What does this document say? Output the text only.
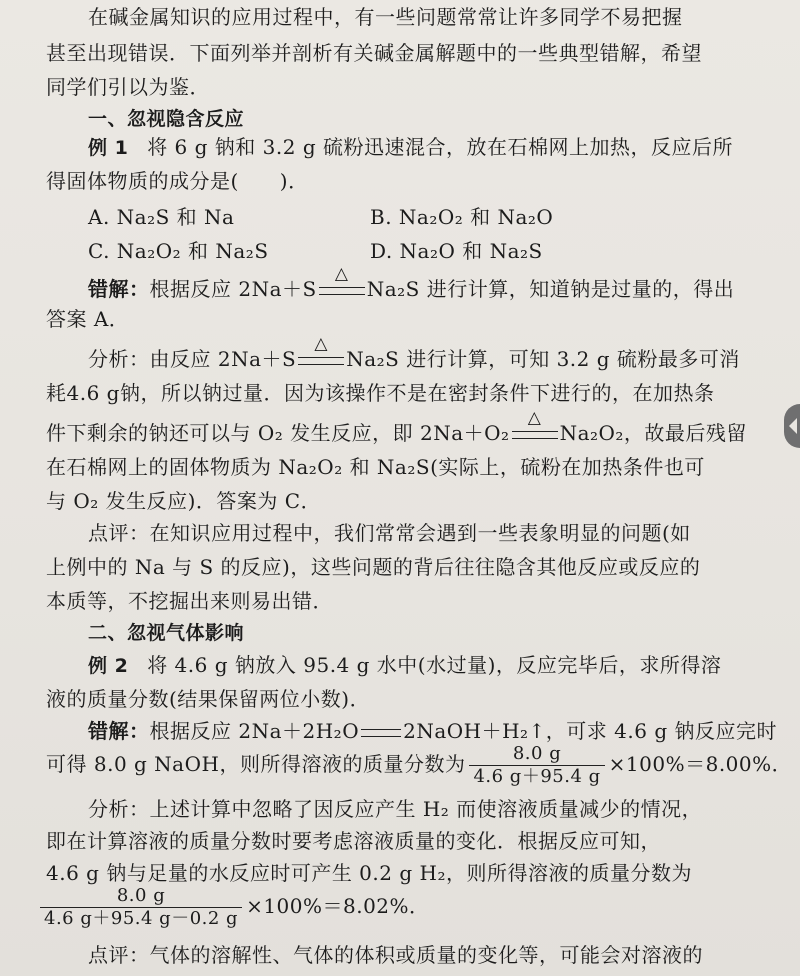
在碱金属知识的应用过程中，有一些问题常常让许多同学不易把握
甚至出现错误．下面列举并剖析有关碱金属解题中的一些典型错解，希望
同学们引以为鉴．
一、忽视隐含反应
例 1 将 6 g 钠和 3.2 g 硫粉迅速混合，放在石棉网上加热，反应后所
得固体物质的成分是(　　)．
A. Na₂S 和 Na	B. Na₂O₂ 和 Na₂O
C. Na₂O₂ 和 Na₂S	D. Na₂O 和 Na₂S
错解：根据反应 2Na＋S
△
Na₂S 进行计算，知道钠是过量的，得出
答案 A．
分析：由反应 2Na＋S
△
Na₂S 进行计算，可知 3.2 g 硫粉最多可消
耗4.6 g钠，所以钠过量．因为该操作不是在密封条件下进行的，在加热条
件下剩余的钠还可以与 O₂ 发生反应，即 2Na＋O₂
△
Na₂O₂，故最后残留
在石棉网上的固体物质为 Na₂O₂ 和 Na₂S(实际上，硫粉在加热条件也可
与 O₂ 发生反应)．答案为 C．
点评：在知识应用过程中，我们常常会遇到一些表象明显的问题(如
上例中的 Na 与 S 的反应)，这些问题的背后往往隐含其他反应或反应的
本质等，不挖掘出来则易出错．
二、忽视气体影响
例 2 将 4.6 g 钠放入 95.4 g 水中(水过量)，反应完毕后，求所得溶
液的质量分数(结果保留两位小数)．
错解：根据反应 2Na＋2H₂O 2NaOH＋H₂↑，可求 4.6 g 钠反应完时
可得 8.0 g NaOH，则所得溶液的质量分数为 $\frac{8.0 g}{4.6 g+95.4 g} \times 100\%=8.00\%$．
分析：上述计算中忽略了因反应产生 H₂ 而使溶液质量减少的情况，
即在计算溶液的质量分数时要考虑溶液质量的变化．根据反应可知，
4.6 g 钠与足量的水反应时可产生 0.2 g H₂，则所得溶液的质量分数为
$\frac{8.0 g}{4.6 g+95.4 g-0.2 g} \times 100\%=8.02\%$．
点评：气体的溶解性、气体的体积或质量的变化等，可能会对溶液的
